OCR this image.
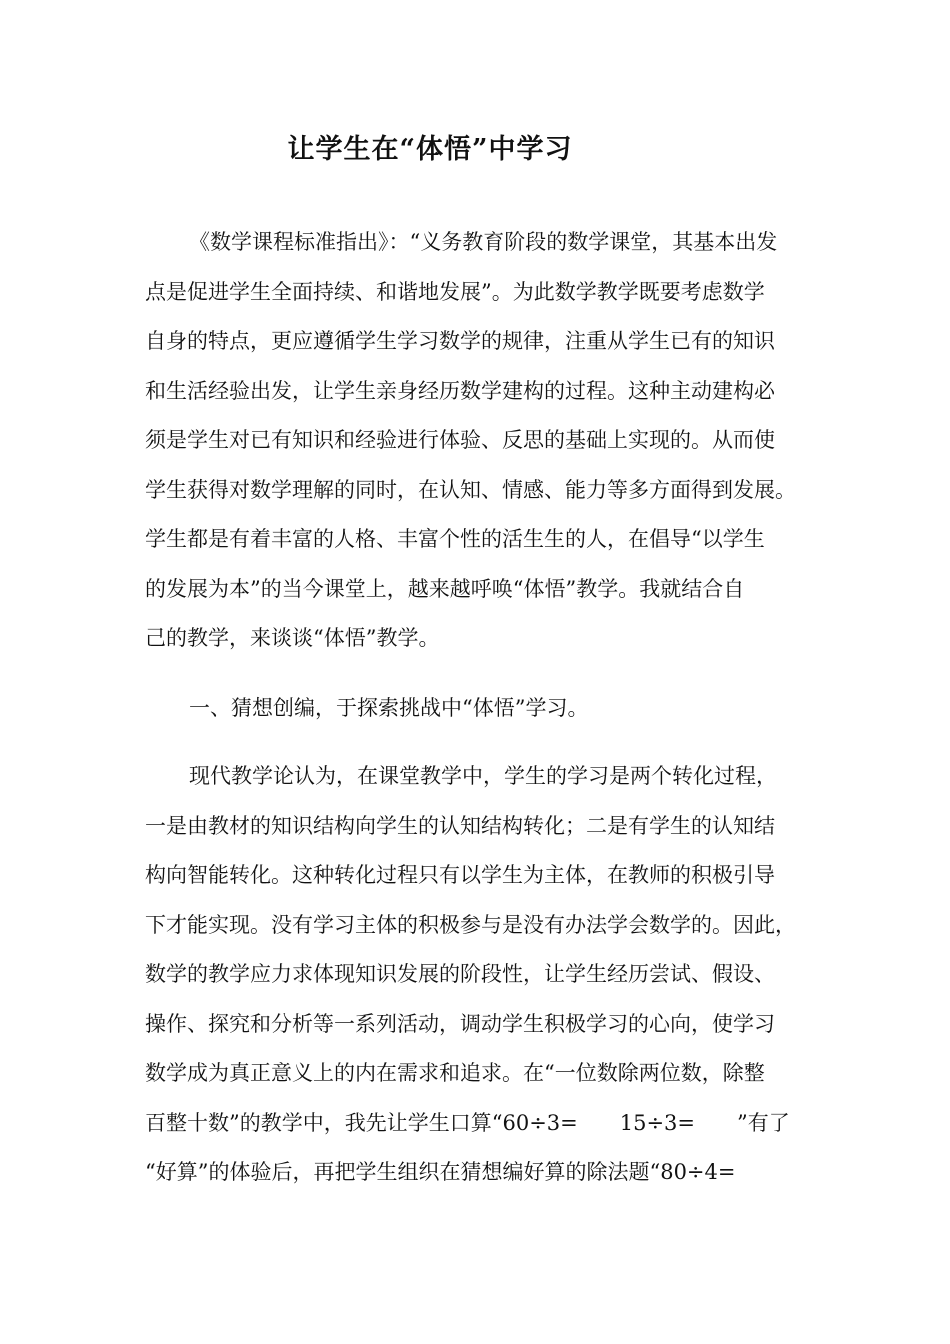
让学生在“体悟”中学习
《数学课程标准指出》：“义务教育阶段的数学课堂，其基本出发
点是促进学生全面持续、和谐地发展”。为此数学教学既要考虑数学
自身的特点，更应遵循学生学习数学的规律，注重从学生已有的知识
和生活经验出发，让学生亲身经历数学建构的过程。这种主动建构必
须是学生对已有知识和经验进行体验、反思的基础上实现的。从而使
学生获得对数学理解的同时，在认知、情感、能力等多方面得到发展。
学生都是有着丰富的人格、丰富个性的活生生的人，在倡导“以学生
的发展为本”的当今课堂上，越来越呼唤“体悟”教学。我就结合自
己的教学，来谈谈“体悟”教学。
一、猜想创编，于探索挑战中“体悟”学习。
现代教学论认为，在课堂教学中，学生的学习是两个转化过程，
一是由教材的知识结构向学生的认知结构转化；二是有学生的认知结
构向智能转化。这种转化过程只有以学生为主体，在教师的积极引导
下才能实现。没有学习主体的积极参与是没有办法学会数学的。因此，
数学的教学应力求体现知识发展的阶段性，让学生经历尝试、假设、
操作、探究和分析等一系列活动，调动学生积极学习的心向，使学习
数学成为真正意义上的内在需求和追求。在“一位数除两位数，除整
百整十数”的教学中，我先让学生口算“60÷3=　　15÷3=　　”有了
“好算”的体验后，再把学生组织在猜想编好算的除法题“80÷4=
